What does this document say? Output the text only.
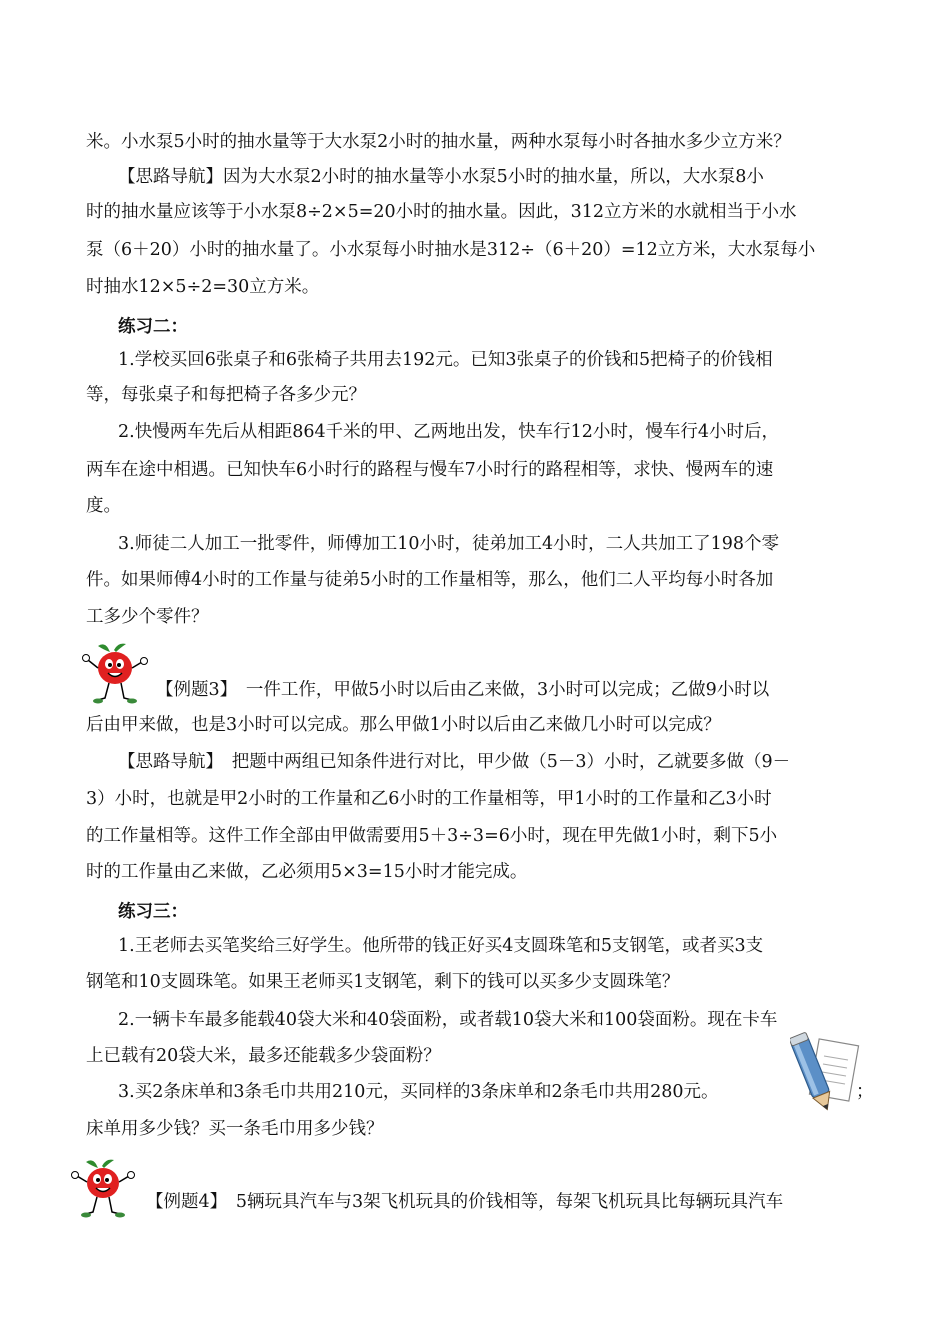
米。小水泵5小时的抽水量等于大水泵2小时的抽水量，两种水泵每小时各抽水多少立方米？
【思路导航】因为大水泵2小时的抽水量等小水泵5小时的抽水量，所以，大水泵8小
时的抽水量应该等于小水泵8÷2×5=20小时的抽水量。因此，312立方米的水就相当于小水
泵（6＋20）小时的抽水量了。小水泵每小时抽水是312÷（6＋20）=12立方米，大水泵每小
时抽水12×5÷2=30立方米。
练习二：
1.学校买回6张桌子和6张椅子共用去192元。已知3张桌子的价钱和5把椅子的价钱相
等，每张桌子和每把椅子各多少元？
2.快慢两车先后从相距864千米的甲、乙两地出发，快车行12小时，慢车行4小时后，
两车在途中相遇。已知快车6小时行的路程与慢车7小时行的路程相等，求快、慢两车的速
度。
3.师徒二人加工一批零件，师傅加工10小时，徒弟加工4小时，二人共加工了198个零
件。如果师傅4小时的工作量与徒弟5小时的工作量相等，那么，他们二人平均每小时各加
工多少个零件？
【例题3】　一件工作，甲做5小时以后由乙来做，3小时可以完成；乙做9小时以
后由甲来做，也是3小时可以完成。那么甲做1小时以后由乙来做几小时可以完成？
【思路导航】　把题中两组已知条件进行对比，甲少做（5－3）小时，乙就要多做（9－
3）小时，也就是甲2小时的工作量和乙6小时的工作量相等，甲1小时的工作量和乙3小时
的工作量相等。这件工作全部由甲做需要用5＋3÷3=6小时，现在甲先做1小时，剩下5小
时的工作量由乙来做，乙必须用5×3=15小时才能完成。
练习三：
1.王老师去买笔奖给三好学生。他所带的钱正好买4支圆珠笔和5支钢笔，或者买3支
钢笔和10支圆珠笔。如果王老师买1支钢笔，剩下的钱可以买多少支圆珠笔？
2.一辆卡车最多能载40袋大米和40袋面粉，或者载10袋大米和100袋面粉。现在卡车
上已载有20袋大米，最多还能载多少袋面粉？
3.买2条床单和3条毛巾共用210元，买同样的3条床单和2条毛巾共用280元。	；
床单用多少钱？买一条毛巾用多少钱？
【例题4】　5辆玩具汽车与3架飞机玩具的价钱相等，每架飞机玩具比每辆玩具汽车
